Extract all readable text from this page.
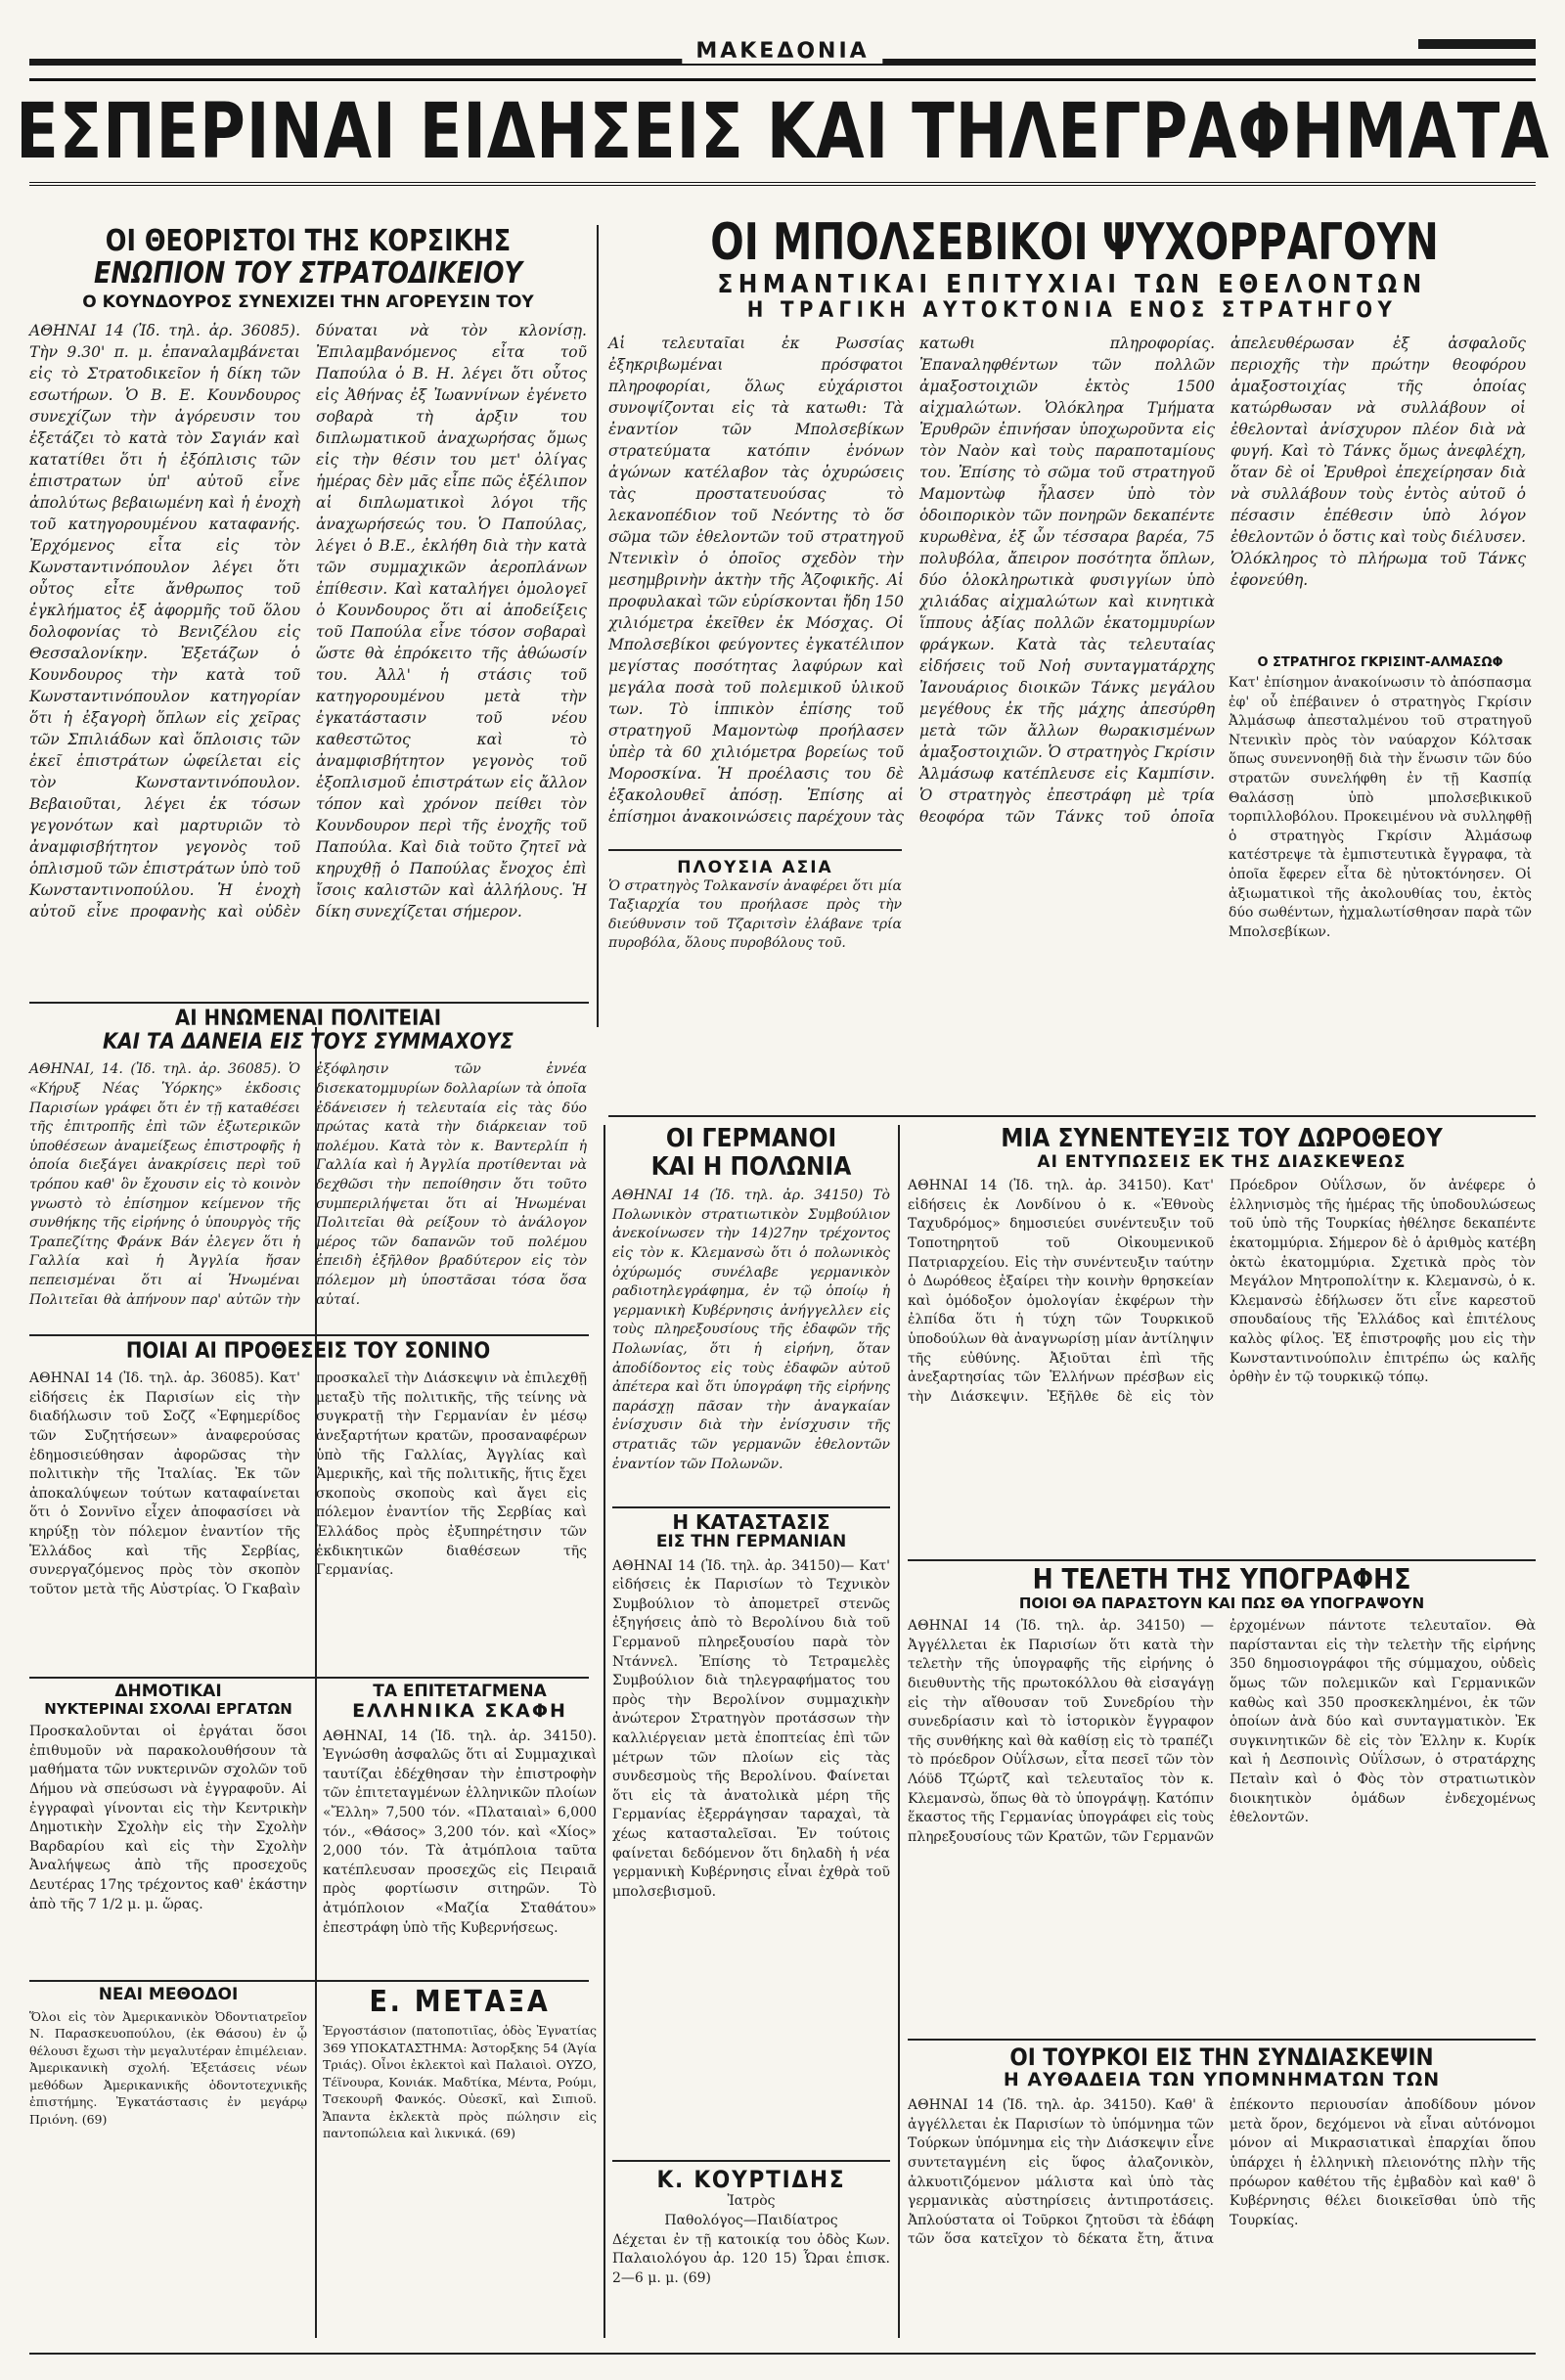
ΜΑΚΕΔΟΝΙΑ
ΕΣΠΕΡΙΝΑΙ ΕΙΔΗΣΕΙΣ ΚΑΙ ΤΗΛΕΓΡΑΦΗΜΑΤΑ
ΟΙ ΘΕΟΡΙΣΤΟΙ ΤΗΣ ΚΟΡΣΙΚΗΣ
ΕΝΩΠΙΟΝ ΤΟΥ ΣΤΡΑΤΟΔΙΚΕΙΟΥ
Ο ΚΟΥΝΔΟΥΡΟΣ ΣΥΝΕΧΙΖΕΙ ΤΗΝ ΑΓΟΡΕΥΣΙΝ ΤΟΥ
ΑΘΗΝΑΙ 14 (Ἰδ. τηλ. ἀρ. 36085). Τὴν 9.30' π. μ. ἐπαναλαμβάνεται εἰς τὸ Στρατοδικεῖον ἡ δίκη τῶν εσωτήρων. Ὁ Β. Ε. Κουνδουρος συνεχίζων τὴν ἀγόρευσιν του ἐξετάζει τὸ κατὰ τὸν Σαγιάν καὶ κατατίθει ὅτι ἡ ἐξόπλισις τῶν ἐπιστρατων ὑπ' αὐτοῦ εἶνε ἀπολύτως βεβαιωμένη καὶ ἡ ἐνοχὴ τοῦ κατηγορουμένου καταφανής. Ἐρχόμενος εἶτα εἰς τὸν Κωνσταντινόπουλον λέγει ὅτι οὗτος εἶτε ἄνθρωπος τοῦ ἐγκλήματος ἐξ ἀφορμῆς τοῦ ὅλου δολοφονίας τὸ Βενιζέλου εἰς Θεσσαλονίκην. Ἐξετάζων ὁ Κουνδουρος τὴν κατὰ τοῦ Κωνσταντινόπουλον κατηγορίαν ὅτι ἡ ἐξαγορὴ ὅπλων εἰς χεῖρας τῶν Σπιλιάδων καὶ ὅπλοισις τῶν ἐκεῖ ἐπιστράτων ὠφείλεται εἰς τὸν Κωνσταντινόπουλον. Βεβαιοῦται, λέγει ἐκ τόσων γεγονότων καὶ μαρτυριῶν τὸ ἀναμφισβήτητον γεγονὸς τοῦ ὁπλισμοῦ τῶν ἐπιστράτων ὑπὸ τοῦ Κωνσταντινοπούλου. Ἡ ἐνοχὴ αὐτοῦ εἶνε προφανὴς καὶ οὐδὲν δύναται νὰ τὸν κλονίσῃ. Ἐπιλαμβανόμενος εἶτα τοῦ Παπούλα ὁ Β. Η. λέγει ὅτι οὗτος εἰς Ἀθήνας ἐξ Ἰωαννίνων ἐγένετο σοβαρὰ τὴ ἀρξιν του διπλωματικοῦ ἀναχωρήσας ὅμως εἰς τὴν θέσιν του μετ' ὀλίγας ἡμέρας δὲν μᾶς εἶπε πῶς ἐξέλιπον αἱ διπλωματικοὶ λόγοι τῆς ἀναχωρήσεώς του. Ὁ Παπούλας, λέγει ὁ Β.Ε., ἐκλήθη διὰ τὴν κατὰ τῶν συμμαχικῶν ἀεροπλάνων ἐπίθεσιν. Καὶ καταλήγει ὁμολογεῖ ὁ Κουνδουρος ὅτι αἱ ἀποδείξεις τοῦ Παπούλα εἶνε τόσον σοβαραὶ ὥστε θὰ ἐπρόκειτο τῆς ἀθώωσίν του. Ἀλλ' ἡ στάσις τοῦ κατηγορουμένου μετὰ τὴν ἐγκατάστασιν τοῦ νέου καθεστῶτος καὶ τὸ ἀναμφισβήτητον γεγονὸς τοῦ ἐξοπλισμοῦ ἐπιστράτων εἰς ἄλλον τόπον καὶ χρόνον πείθει τὸν Κουνδουρον περὶ τῆς ἐνοχῆς τοῦ Παπούλα. Καὶ διὰ τοῦτο ζητεῖ νὰ κηρυχθῇ ὁ Παπούλας ἔνοχος ἐπὶ ἴσοις καλιστῶν καὶ ἀλλήλους. Ἡ δίκη συνεχίζεται σήμερον.
ΟΙ ΜΠΟΛΣΕΒΙΚΟΙ ΨΥΧΟΡΡΑΓΟΥΝ
ΣΗΜΑΝΤΙΚΑΙ ΕΠΙΤΥΧΙΑΙ ΤΩΝ ΕΘΕΛΟΝΤΩΝ
Η ΤΡΑΓΙΚΗ ΑΥΤΟΚΤΟΝΙΑ ΕΝΟΣ ΣΤΡΑΤΗΓΟΥ
Αἱ τελευταῖαι ἐκ Ρωσσίας ἐξηκριβωμέναι πρόσφατοι πληροφορίαι, ὅλως εὐχάριστοι συνοψίζονται εἰς τὰ κατωθι: Τὰ ἐναντίον τῶν Μπολσεβίκων στρατεύματα κατόπιν ἐνόνων ἀγώνων κατέλαβον τὰς ὁχυρώσεις τὰς προστατευούσας τὸ λεκανοπέδιον τοῦ Νεόντης τὸ ὅσ σῶμα τῶν ἐθελοντῶν τοῦ στρατηγοῦ Ντενικὶν ὁ ὁποῖος σχεδὸν τὴν μεσημβρινὴν ἀκτὴν τῆς Ἀζοφικῆς. Αἱ προφυλακαὶ τῶν εὑρίσκονται ἤδη 150 χιλιόμετρα ἐκεῖθεν ἐκ Μόσχας. Οἱ Μπολσεβίκοι φεύγοντες ἐγκατέλιπον μεγίστας ποσότητας λαφύρων καὶ μεγάλα ποσὰ τοῦ πολεμικοῦ ὑλικοῦ των. Τὸ ἱππικὸν ἐπίσης τοῦ στρατηγοῦ Μαμοντὼφ προήλασεν ὑπὲρ τὰ 60 χιλιόμετρα βορείως τοῦ Μοροσκίνα. Ἡ προέλασις του δὲ ἐξακολουθεῖ ἀπόσῃ. Ἐπίσης αἱ ἐπίσημοι ἀνακοινώσεις παρέχουν τὰς κατωθι πληροφορίας. Ἐπαναληφθέντων τῶν πολλῶν ἀμαξοστοιχιῶν ἐκτὸς 1500 αἰχμαλώτων. Ὁλόκληρα Τμήματα Ἐρυθρῶν ἐπινήσαν ὑποχωροῦντα εἰς τὸν Ναὸν καὶ τοὺς παραποταμίους του. Ἐπίσης τὸ σῶμα τοῦ στρατηγοῦ Μαμοντὼφ ἦλασεν ὑπὸ τὸν ὁδοιπορικὸν τῶν πονηρῶν δεκαπέντε κυρωθὲνα, ἐξ ὧν τέσσαρα βαρέα, 75 πολυβόλα, ἄπειρον ποσότητα ὅπλων, δύο ὁλοκληρωτικὰ φυσιγγίων ὑπὸ χιλιάδας αἰχμαλώτων καὶ κινητικὰ ἵππους ἀξίας πολλῶν ἑκατομμυρίων φράγκων. Κατὰ τὰς τελευταίας εἰδήσεις τοῦ Νοἠ συνταγματάρχης Ἰανουάριος διοικῶν Τάνκς μεγάλου μεγέθους ἐκ τῆς μάχης ἀπεσύρθη μετὰ τῶν ἄλλων θωρακισμένων ἀμαξοστοιχιῶν. Ὁ στρατηγὸς Γκρίσιν Ἀλμάσωφ κατέπλευσε εἰς Καμπίσιν. Ὁ στρατηγὸς ἐπεστράφη μὲ τρία θεοφόρα τῶν Τάνκς τοῦ ὁποῖα ἀπελευθέρωσαν ἐξ ἀσφαλοῦς περιοχῆς τὴν πρώτην θεοφόρου ἀμαξοστοιχίας τῆς ὁποίας κατώρθωσαν νὰ συλλάβουν οἱ ἐθελονταὶ ἀνίσχυρον πλέον διὰ νὰ φυγή. Καὶ τὸ Τάνκς ὅμως ἀνεφλέχη, ὅταν δὲ οἱ Ἐρυθροὶ ἐπεχείρησαν διὰ νὰ συλλάβουν τοὺς ἐντὸς αὐτοῦ ὁ πέσασιν ἐπέθεσιν ὑπὸ λόγον ἐθελοντῶν ὁ ὅστις καὶ τοὺς διέλυσεν. Ὁλόκληρος τὸ πλήρωμα τοῦ Τάνκς ἐφονεύθη.
ΠΛΟΥΣΙΑ ΑΣΙΑ
Ὁ στρατηγὸς Τολκανσίν ἀναφέρει ὅτι μία Ταξιαρχία του προήλασε πρὸς τὴν διεύθυνσιν τοῦ Τζαριτσὶν ἐλάβανε τρία πυροβόλα, ὅλους πυροβόλους τοῦ.
Ο ΣΤΡΑΤΗΓΟΣ ΓΚΡΙΣΙΝΤ-ΑΛΜΑΣΩΦ
Κατ' ἐπίσημον ἀνακοίνωσιν τὸ ἀπόσπασμα ἐφ' οὗ ἐπέβαινεν ὁ στρατηγὸς Γκρίσιν Ἀλμάσωφ ἀπεσταλμένου τοῦ στρατηγοῦ Ντενικὶν πρὸς τὸν ναύαρχον Κόλτσακ ὅπως συνεννοηθῇ διὰ τὴν ἕνωσιν τῶν δύο στρατῶν συνελήφθη ἐν τῇ Κασπίᾳ Θαλάσσῃ ὑπὸ μπολσεβικικοῦ τορπιλλοβόλου. Προκειμένου νὰ συλληφθῇ ὁ στρατηγὸς Γκρίσιν Ἀλμάσωφ κατέστρεψε τὰ ἐμπιστευτικὰ ἔγγραφα, τὰ ὁποῖα ἔφερεν εἶτα δὲ ηὐτοκτόνησεν. Οἱ ἀξιωματικοὶ τῆς ἀκολουθίας του, ἐκτὸς δύο σωθέντων, ἠχμαλωτίσθησαν παρὰ τῶν Μπολσεβίκων.
ΑΙ ΗΝΩΜΕΝΑΙ ΠΟΛΙΤΕΙΑΙ
ΚΑΙ ΤΑ ΔΑΝΕΙΑ ΕΙΣ ΤΟΥΣ ΣΥΜΜΑΧΟΥΣ
ΑΘΗΝΑΙ, 14. (Ἰδ. τηλ. ἀρ. 36085). Ὁ «Κήρυξ Νέας Ὑόρκης» ἐκδοσις Παρισίων γράφει ὅτι ἐν τῇ καταθέσει τῆς ἐπιτροπῆς ἐπὶ τῶν ἐξωτερικῶν ὑποθέσεων ἀναμείξεως ἐπιστροφῆς ἡ ὁποία διεξάγει ἀνακρίσεις περὶ τοῦ τρόπου καθ' ὃν ἔχουσιν εἰς τὸ κοινὸν γνωστὸ τὸ ἐπίσημον κείμενον τῆς συνθήκης τῆς εἰρήνης ὁ ὑπουργὸς τῆς Τραπεζίτης Φράνκ Βάν ἐλεγεν ὅτι ἡ Γαλλία καὶ ἡ Ἀγγλία ἤσαν πεπεισμέναι ὅτι αἱ Ἡνωμέναι Πολιτεῖαι θὰ ἀπήνουν παρ' αὐτῶν τὴν ἐξόφλησιν τῶν ἐννέα δισεκατομμυρίων δολλαρίων τὰ ὁποῖα ἐδάνεισεν ἡ τελευταία εἰς τὰς δύο πρώτας κατὰ τὴν διάρκειαν τοῦ πολέμου. Κατὰ τὸν κ. Βαντερλίπ ἡ Γαλλία καὶ ἡ Ἀγγλία προτίθενται νὰ δεχθῶσι τὴν πεποίθησιν ὅτι τοῦτο συμπεριλήψεται ὅτι αἱ Ἡνωμέναι Πολιτεῖαι θὰ ρείξουν τὸ ἀνάλογον μέρος τῶν δαπανῶν τοῦ πολέμου ἐπειδὴ ἐξῆλθον βραδύτερον εἰς τὸν πόλεμον μὴ ὑποστᾶσαι τόσα ὅσα αὐταί.
ΠΟΙΑΙ ΑΙ ΠΡΟΘΕΣΕΙΣ ΤΟΥ ΣΟΝΙΝΟ
ΑΘΗΝΑΙ 14 (Ἰδ. τηλ. ἀρ. 36085). Κατ' εἰδήσεις ἐκ Παρισίων εἰς τὴν διαδήλωσιν τοῦ Σοζζ «Ἐφημερίδος τῶν Συζητήσεων» ἀναφερούσας ἐδημοσιεύθησαν ἀφορῶσας τὴν πολιτικὴν τῆς Ἰταλίας. Ἐκ τῶν ἀποκαλύψεων τούτων καταφαίνεται ὅτι ὁ Σοννῖνο εἶχεν ἀποφασίσει νὰ κηρύξῃ τὸν πόλεμον ἐναντίον τῆς Ἑλλάδος καὶ τῆς Σερβίας, συνεργαζόμενος πρὸς τὸν σκοπὸν τοῦτον μετὰ τῆς Αὐστρίας. Ὁ Γκαβαὶν προσκαλεῖ τὴν Διάσκεψιν νὰ ἐπιλεχθῇ μεταξὺ τῆς πολιτικῆς, τῆς τείνης νὰ συγκρατῇ τὴν Γερμανίαν ἐν μέσῳ ἀνεξαρτήτων κρατῶν, προσαναφέρων ὑπὸ τῆς Γαλλίας, Ἀγγλίας καὶ Ἀμερικῆς, καὶ τῆς πολιτικῆς, ἥτις ἔχει σκοποὺς σκοποὺς καὶ ἄγει εἰς πόλεμον ἐναντίον τῆς Σερβίας καὶ Ἑλλάδος πρὸς ἐξυπηρέτησιν τῶν ἐκδικητικῶν διαθέσεων τῆς Γερμανίας.
ΔΗΜΟΤΙΚΑΙ
ΝΥΚΤΕΡΙΝΑΙ ΣΧΟΛΑΙ ΕΡΓΑΤΩΝ
Προσκαλοῦνται οἱ ἐργάται ὅσοι ἐπιθυμοῦν νὰ παρακολουθήσουν τὰ μαθήματα τῶν νυκτερινῶν σχολῶν τοῦ Δήμου νὰ σπεύσωσι νὰ ἐγγραφοῦν. Αἱ ἐγγραφαὶ γίνονται εἰς τὴν Κεντρικὴν Δημοτικὴν Σχολὴν εἰς τὴν Σχολὴν Βαρδαρίου καὶ εἰς τὴν Σχολὴν Ἀναλήψεως ἀπὸ τῆς προσεχοῦς Δευτέρας 17ης τρέχοντος καθ' ἑκάστην ἀπὸ τῆς 7 1/2 μ. μ. ὥρας.
ΝΕΑΙ ΜΕΘΟΔΟΙ
Ὅλοι εἰς τὸν Ἀμερικανικὸν Ὀδοντιατρεῖον Ν. Παρασκευοπούλου, (ἐκ Θάσου) ἐν ᾧ θέλουσι ἔχωσι τὴν μεγαλυτέραν ἐπιμέλειαν. Ἀμερικανικὴ σχολή. Ἐξετάσεις νέων μεθόδων Ἀμερικανικῆς ὀδοντοτεχνικῆς ἐπιστήμης. Ἐγκατάστασις ἐν μεγάρῳ Πριόνη. (69)
ΤΑ ΕΠΙΤΕΤΑΓΜΕΝΑ
ΕΛΛΗΝΙΚΑ ΣΚΑΦΗ
ΑΘΗΝΑΙ, 14 (Ἰδ. τηλ. ἀρ. 34150). Ἐγνώσθη ἀσφαλῶς ὅτι αἱ Συμμαχικαὶ ταυτίζαι ἐδέχθησαν τὴν ἐπιστροφὴν τῶν ἐπιτεταγμένων ἑλληνικῶν πλοίων «Ἔλλη» 7,500 τόν. «Πλαταιαὶ» 6,000 τόν., «Θάσος» 3,200 τόν. καὶ «Χίος» 2,000 τόν. Τὰ ἀτμόπλοια ταῦτα κατέπλευσαν προσεχῶς εἰς Πειραιᾶ πρὸς φορτίωσιν σιτηρῶν. Τὸ ἀτμόπλοιον «Μαζία Σταθάτου» ἐπεστράφη ὑπὸ τῆς Κυβερνήσεως.
Ε. ΜΕΤΑΞΑ
Ἐργοστάσιον (πατοποτιῖας, ὁδὸς Ἐγνατίας 369 ΥΠΟΚΑΤΑΣΤΗΜΑ: Ἀστορξκης 54 (Ἁγία Τριάς). Οἶνοι ἐκλεκτοὶ καὶ Παλαιοὶ. ΟΥΖΟ, Τέϊνουρα, Κονιάκ. Μαδτίκα, Μέντα, Ρούμι, Τσεκουρῆ Φανκός. Οὐεσκῖ, καὶ Σιπιοῦ. Ἄπαντα ἐκλεκτὰ πρὸς πώλησιν εἰς παντοπώλεια καὶ λικνικά. (69)
ΟΙ ΓΕΡΜΑΝΟΙ
ΚΑΙ Η ΠΟΛΩΝΙΑ
ΑΘΗΝΑΙ 14 (Ἰδ. τηλ. ἀρ. 34150) Τὸ Πολωνικὸν στρατιωτικὸν Συμβούλιον ἀνεκοίνωσεν τὴν 14)27ην τρέχοντος εἰς τὸν κ. Κλεμανσὼ ὅτι ὁ πολωνικὸς ὀχύρωμός συνέλαβε γερμανικὸν ραδιοτηλεγράφημα, ἐν τῷ ὁποίῳ ἡ γερμανικὴ Κυβέρνησις ἀνήγγελλεν εἰς τοὺς πληρεξουσίους τῆς ἐδαφῶν τῆς Πολωνίας, ὅτι ἡ εἰρήνη, ὅταν ἀποδίδοντος εἰς τοὺς ἐδαφῶν αὐτοῦ ἀπέτερα καὶ ὅτι ὑπογράφη τῆς εἰρήνης παράσχῃ πᾶσαν τὴν ἀναγκαίαν ἐνίσχυσιν διὰ τὴν ἐνίσχυσιν τῆς στρατιᾶς τῶν γερμανῶν ἐθελοντῶν ἐναντίον τῶν Πολωνῶν.
Η ΚΑΤΑΣΤΑΣΙΣ
ΕΙΣ ΤΗΝ ΓΕΡΜΑΝΙΑΝ
ΑΘΗΝΑΙ 14 (Ἰδ. τηλ. ἀρ. 34150)— Κατ' εἰδήσεις ἐκ Παρισίων τὸ Τεχνικὸν Συμβούλιον τὸ ἀπομετρεῖ στενῶς ἐξηγήσεις ἀπὸ τὸ Βερολίνου διὰ τοῦ Γερμανοῦ πληρεξουσίου παρὰ τὸν Ντάννελ. Ἐπίσης τὸ Τετραμελὲς Συμβούλιον διὰ τηλεγραφήματος του πρὸς τὴν Βερολίνον συμμαχικὴν ἀνώτερον Στρατηγὸν προτάσσων τὴν καλλιέργειαν μετὰ ἐποπτείας ἐπὶ τῶν μέτρων τῶν πλοίων εἰς τὰς συνδεσμοὺς τῆς Βερολίνου. Φαίνεται ὅτι εἰς τὰ ἀνατολικὰ μέρη τῆς Γερμανίας ἐξερράγησαν ταραχαὶ, τὰ χέως κατασταλεῖσαι. Ἐν τούτοις φαίνεται δεδόμενον ὅτι δηλαδὴ ἡ νέα γερμανικὴ Κυβέρνησις εἶναι ἐχθρὰ τοῦ μπολσεβισμοῦ.
Κ. ΚΟΥΡΤΙΔΗΣ
Ἰατρὸς
Παθολόγος—Παιδίατρος
Δέχεται ἐν τῇ κατοικίᾳ του ὁδὸς Κων. Παλαιολόγου ἀρ. 120 15) Ὧραι ἐπισκ. 2—6 μ. μ. (69)
ΜΙΑ ΣΥΝΕΝΤΕΥΞΙΣ ΤΟΥ ΔΩΡΟΘΕΟΥ
ΑΙ ΕΝΤΥΠΩΣΕΙΣ ΕΚ ΤΗΣ ΔΙΑΣΚΕΨΕΩΣ
ΑΘΗΝΑΙ 14 (Ἰδ. τηλ. ἀρ. 34150). Κατ' εἰδήσεις ἐκ Λονδίνου ὁ κ. «Ἐθνοὺς Ταχυδρόμος» δημοσιεύει συνέντευξιν τοῦ Τοποτηρητοῦ τοῦ Οἰκουμενικοῦ Πατριαρχείου. Εἰς τὴν συνέντευξιν ταύτην ὁ Δωρόθεος ἐξαίρει τὴν κοινὴν θρησκείαν καὶ ὁμόδοξον ὁμολογίαν ἐκφέρων τὴν ἐλπίδα ὅτι ἡ τύχη τῶν Τουρκικοῦ ὑποδούλων θὰ ἀναγνωρίσῃ μίαν ἀντίληψιν τῆς εὐθύνης. Ἀξιοῦται ἐπὶ τῆς ἀνεξαρτησίας τῶν Ἑλλήνων πρέσβων εἰς τὴν Διάσκεψιν. Ἐξῆλθε δὲ εἰς τὸν Πρόεδρον Οὐΐλσων, ὅν ἀνέφερε ὁ ἑλληνισμὸς τῆς ἡμέρας τῆς ὑποδουλώσεως τοῦ ὑπὸ τῆς Τουρκίας ἠθέλησε δεκαπέντε ἑκατομμύρια. Σήμερον δὲ ὁ ἀριθμὸς κατέβη ὀκτὼ ἑκατομμύρια. Σχετικὰ πρὸς τὸν Μεγάλον Μητροπολίτην κ. Κλεμανσὼ, ὁ κ. Κλεμανσὼ ἐδήλωσεν ὅτι εἶνε καρεστοῦ σπουδαίους τῆς Ἑλλάδος καὶ ἐπιτέλους καλὸς φίλος. Ἐξ ἐπιστροφῆς μου εἰς τὴν Κωνσταντινούπολιν ἐπιτρέπω ὡς καλῆς ὀρθὴν ἐν τῷ τουρκικῷ τόπῳ.
Η ΤΕΛΕΤΗ ΤΗΣ ΥΠΟΓΡΑΦΗΣ
ΠΟΙΟΙ ΘΑ ΠΑΡΑΣΤΟΥΝ ΚΑΙ ΠΩΣ ΘΑ ΥΠΟΓΡΑΨΟΥΝ
ΑΘΗΝΑΙ 14 (Ἰδ. τηλ. ἀρ. 34150) — Ἀγγέλλεται ἐκ Παρισίων ὅτι κατὰ τὴν τελετὴν τῆς ὑπογραφῆς τῆς εἰρήνης ὁ διευθυντὴς τῆς πρωτοκόλλου θὰ εἰσαγάγῃ εἰς τὴν αἴθουσαν τοῦ Συνεδρίου τὴν συνεδρίασιν καὶ τὸ ἱστορικὸν ἔγγραφον τῆς συνθήκης καὶ θὰ καθίσῃ εἰς τὸ τραπέζι τὸ πρόεδρον Οὐΐλσων, εἶτα πεσεῖ τῶν τὸν Λόϋδ Τζώρτζ καὶ τελευταῖος τὸν κ. Κλεμανσὼ, ὅπως θὰ τὸ ὑπογράψῃ. Κατόπιν ἕκαστος τῆς Γερμανίας ὑπογράφει εἰς τοὺς πληρεξουσίους τῶν Κρατῶν, τῶν Γερμανῶν ἐρχομένων πάντοτε τελευταῖον. Θὰ παρίστανται εἰς τὴν τελετὴν τῆς εἰρήνης 350 δημοσιογράφοι τῆς σύμμαχου, οὐδεὶς ὅμως τῶν πολεμικῶν καὶ Γερμανικῶν καθὼς καὶ 350 προσκεκλημένοι, ἐκ τῶν ὁποίων ἀνὰ δύο καὶ συνταγματικὸν. Ἐκ συγκινητικῶν δὲ εἰς τὸν Ἑλλην κ. Κυρίκ καὶ ἡ Δεσποινὶς Οὐΐλσων, ὁ στρατάρχης Πεταὶν καὶ ὁ Φὸς τὸν στρατιωτικὸν διοικητικὸν ὁμάδων ἐνδεχομένως ἐθελοντῶν.
ΟΙ ΤΟΥΡΚΟΙ ΕΙΣ ΤΗΝ ΣΥΝΔΙΑΣΚΕΨΙΝ
Η ΑΥΘΑΔΕΙΑ ΤΩΝ ΥΠΟΜΝΗΜΑΤΩΝ ΤΩΝ
ΑΘΗΝΑΙ 14 (Ἰδ. τηλ. ἀρ. 34150). Καθ' ἃ ἀγγέλλεται ἐκ Παρισίων τὸ ὑπόμνημα τῶν Τούρκων ὑπόμνημα εἰς τὴν Διάσκεψιν εἶνε συντεταγμένη εἰς ὕφος ἀλαζονικὸν, ἀλκυοτιζόμενον μάλιστα καὶ ὑπὸ τὰς γερμανικὰς αὐστηρίσεις ἀντιπροτάσεις. Ἀπλούστατα οἱ Τοῦρκοι ζητοῦσι τὰ ἐδάφη τῶν ὅσα κατεῖχον τὸ δέκατα ἔτη, ἅτινα ἐπέκοντο περιουσίαν ἀποδίδουν μόνον μετὰ ὅρον, δεχόμενοι νὰ εἶναι αὐτόνομοι μόνον αἱ Μικρασιατικαὶ ἐπαρχίαι ὅπου ὑπάρχει ἡ ἑλληνικὴ πλειονότης πλὴν τῆς πρόωρον καθέτου τῆς ἐμβαδὸν καὶ καθ' ὃ Κυβέρνησις θέλει διοικεῖσθαι ὑπὸ τῆς Τουρκίας.
